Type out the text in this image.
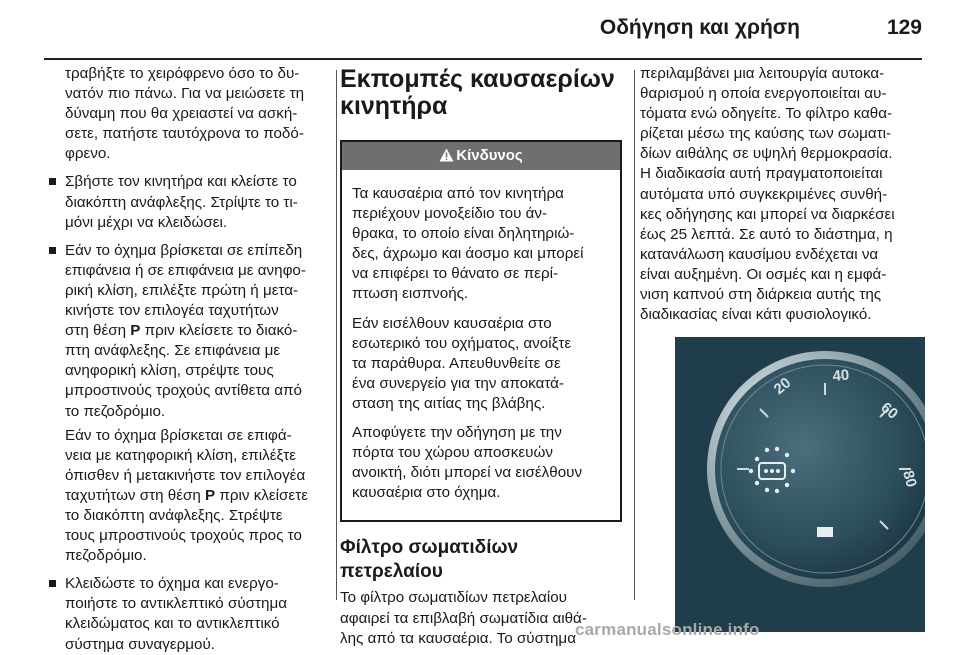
Οδήγηση και χρήση	129
τραβήξτε το χειρόφρενο όσο το δυ-
νατόν πιο πάνω. Για να μειώσετε τη
δύναμη που θα χρειαστεί να ασκή-
σετε, πατήστε ταυτόχρονα το ποδό-
φρενο.
Σβήστε τον κινητήρα και κλείστε το
διακόπτη ανάφλεξης. Στρίψτε το τι-
μόνι μέχρι να κλειδώσει.
Εάν το όχημα βρίσκεται σε επίπεδη
επιφάνεια ή σε επιφάνεια με ανηφο-
ρική κλίση, επιλέξτε πρώτη ή μετα-
κινήστε τον επιλογέα ταχυτήτων
στη θέση P πριν κλείσετε το διακό-
πτη ανάφλεξης. Σε επιφάνεια με
ανηφορική κλίση, στρέψτε τους
μπροστινούς τροχούς αντίθετα από
το πεζοδρόμιο.
Εάν το όχημα βρίσκεται σε επιφά-
νεια με κατηφορική κλίση, επιλέξτε
όπισθεν ή μετακινήστε τον επιλογέα
ταχυτήτων στη θέση P πριν κλείσετε
το διακόπτη ανάφλεξης. Στρέψτε
τους μπροστινούς τροχούς προς το
πεζοδρόμιο.
Κλειδώστε το όχημα και ενεργο-
ποιήστε το αντικλεπτικό σύστημα
κλειδώματος και το αντικλεπτικό
σύστημα συναγερμού.
Εκπομπές καυσαερίων
κινητήρα
Κίνδυνος
Τα καυσαέρια από τον κινητήρα
περιέχουν μονοξείδιο του άν-
θρακα, το οποίο είναι δηλητηριώ-
δες, άχρωμο και άοσμο και μπορεί
να επιφέρει το θάνατο σε περί-
πτωση εισπνοής.
Εάν εισέλθουν καυσαέρια στο
εσωτερικό του οχήματος, ανοίξτε
τα παράθυρα. Απευθυνθείτε σε
ένα συνεργείο για την αποκατά-
σταση της αιτίας της βλάβης.
Αποφύγετε την οδήγηση με την
πόρτα του χώρου αποσκευών
ανοικτή, διότι μπορεί να εισέλθουν
καυσαέρια στο όχημα.
Φίλτρο σωματιδίων
πετρελαίου
Το φίλτρο σωματιδίων πετρελαίου
αφαιρεί τα επιβλαβή σωματίδια αιθά-
λης από τα καυσαέρια. Το σύστημα
περιλαμβάνει μια λειτουργία αυτοκα-
θαρισμού η οποία ενεργοποιείται αυ-
τόματα ενώ οδηγείτε. Το φίλτρο καθα-
ρίζεται μέσω της καύσης των σωματι-
δίων αιθάλης σε υψηλή θερμοκρασία.
Η διαδικασία αυτή πραγματοποιείται
αυτόματα υπό συγκεκριμένες συνθή-
κες οδήγησης και μπορεί να διαρκέσει
έως 25 λεπτά. Σε αυτό το διάστημα, η
κατανάλωση καυσίμου ενδέχεται να
είναι αυξημένη. Οι οσμές και η εμφά-
νιση καπνού στη διάρκεια αυτής της
διαδικασίας είναι κάτι φυσιολογικό.
20	40
60
80
carmanualsonline.info
